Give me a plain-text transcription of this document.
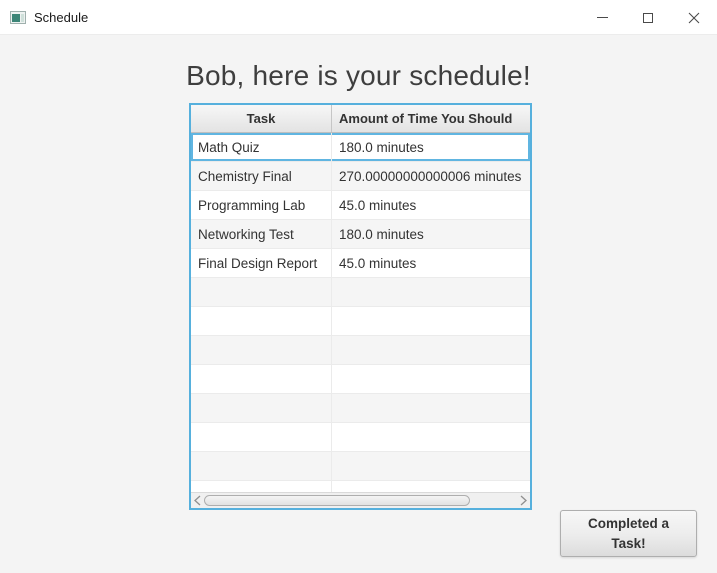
Schedule
Bob, here is your schedule!
Task	Amount of Time You Should
Math Quiz	180.0 minutes
Chemistry Final	270.00000000000006 minutes
Programming Lab	45.0 minutes
Networking Test	180.0 minutes
Final Design Report	45.0 minutes
Completed a Task!
